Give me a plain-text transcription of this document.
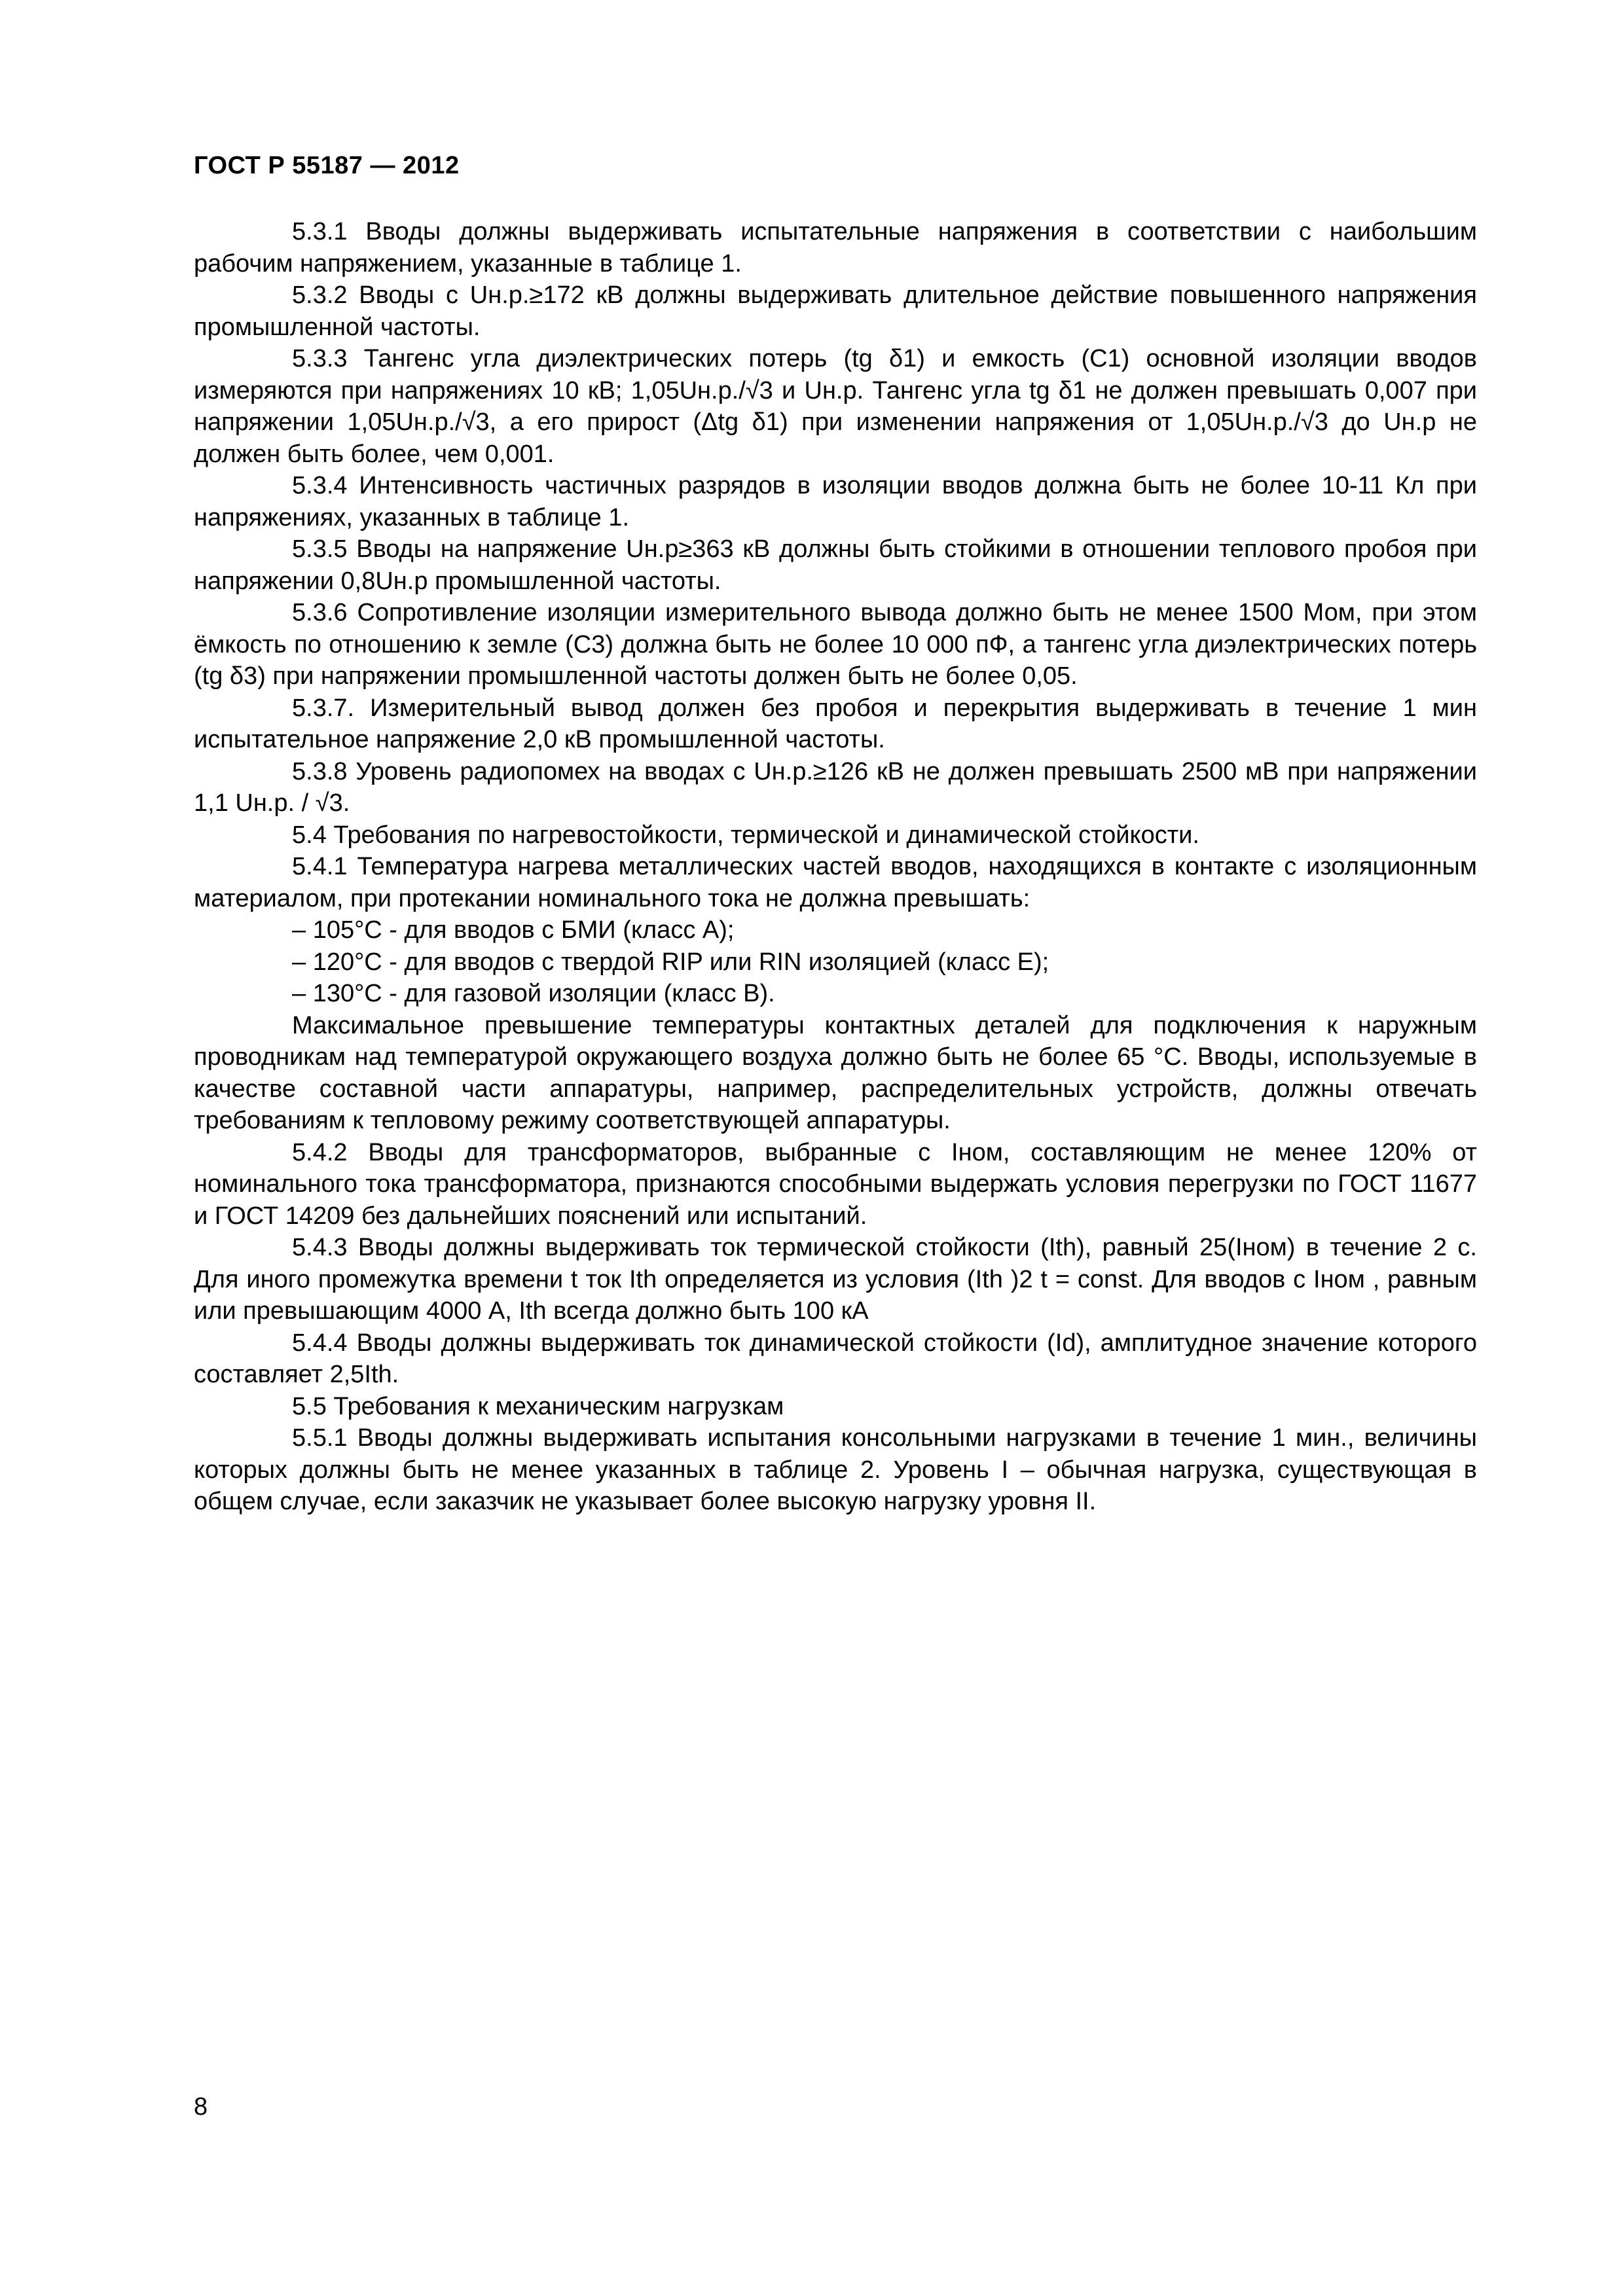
ГОСТ Р 55187 — 2012

5.3.1 Вводы должны выдерживать испытательные напряжения в соответствии с наибольшим рабочим напряжением, указанные в таблице 1.

5.3.2 Вводы с Uн.р.≥172 кВ должны выдерживать длительное действие повышенного напряжения промышленной частоты.

5.3.3 Тангенс угла диэлектрических потерь (tg δ1) и емкость (С1) основной изоляции вводов измеряются при напряжениях 10 кВ; 1,05Uн.р./√3 и Uн.р. Тангенс угла tg δ1 не должен превышать 0,007 при напряжении 1,05Uн.р./√3, а его прирост (Δtg δ1) при изменении напряжения от 1,05Uн.р./√3 до Uн.р не должен быть более, чем 0,001.

5.3.4 Интенсивность частичных разрядов в изоляции вводов должна быть не более 10-11 Кл при напряжениях, указанных в таблице 1.

5.3.5 Вводы на напряжение Uн.р≥363 кВ должны быть стойкими в отношении теплового пробоя при напряжении 0,8Uн.р промышленной частоты.

5.3.6 Сопротивление изоляции измерительного вывода должно быть не менее 1500 Мом, при этом ёмкость по отношению к земле (С3) должна быть не более 10 000 пФ, а тангенс угла диэлектрических потерь (tg δ3) при напряжении промышленной частоты должен быть не более 0,05.

5.3.7. Измерительный вывод должен без пробоя и перекрытия выдерживать в течение 1 мин испытательное напряжение 2,0 кВ промышленной частоты.

5.3.8 Уровень радиопомех на вводах с Uн.р.≥126 кВ не должен превышать 2500 мВ при напряжении 1,1 Uн.р. / √3.

5.4 Требования по нагревостойкости, термической и динамической стойкости.

5.4.1 Температура нагрева металлических частей вводов, находящихся в контакте с изоляционным материалом, при протекании номинального тока не должна превышать:

– 105°С - для вводов с БМИ (класс А);

– 120°С - для вводов с твердой RIP или RIN изоляцией (класс Е);

– 130°С - для газовой изоляции (класс В).

Максимальное превышение температуры контактных деталей для подключения к наружным проводникам над температурой окружающего воздуха должно быть не более 65 °С. Вводы, используемые в качестве составной части аппаратуры, например, распределительных устройств, должны отвечать требованиям к тепловому режиму соответствующей аппаратуры.

5.4.2 Вводы для трансформаторов, выбранные с Iном, составляющим не менее 120% от номинального тока трансформатора, признаются способными выдержать условия перегрузки по ГОСТ 11677 и ГОСТ 14209 без дальнейших пояснений или испытаний.

5.4.3 Вводы должны выдерживать ток термической стойкости (Ith), равный 25(Iном) в течение 2 с. Для иного промежутка времени t ток Ith определяется из условия (Ith )2 t = const. Для вводов с Iном , равным или превышающим 4000 А, Ith всегда должно быть 100 кА

5.4.4 Вводы должны выдерживать ток динамической стойкости (Id), амплитудное значение которого составляет 2,5Ith.

5.5 Требования к механическим нагрузкам

5.5.1 Вводы должны выдерживать испытания консольными нагрузками в течение 1 мин., величины которых должны быть не менее указанных в таблице 2. Уровень I – обычная нагрузка, существующая в общем случае, если заказчик не указывает более высокую нагрузку уровня II.

8
